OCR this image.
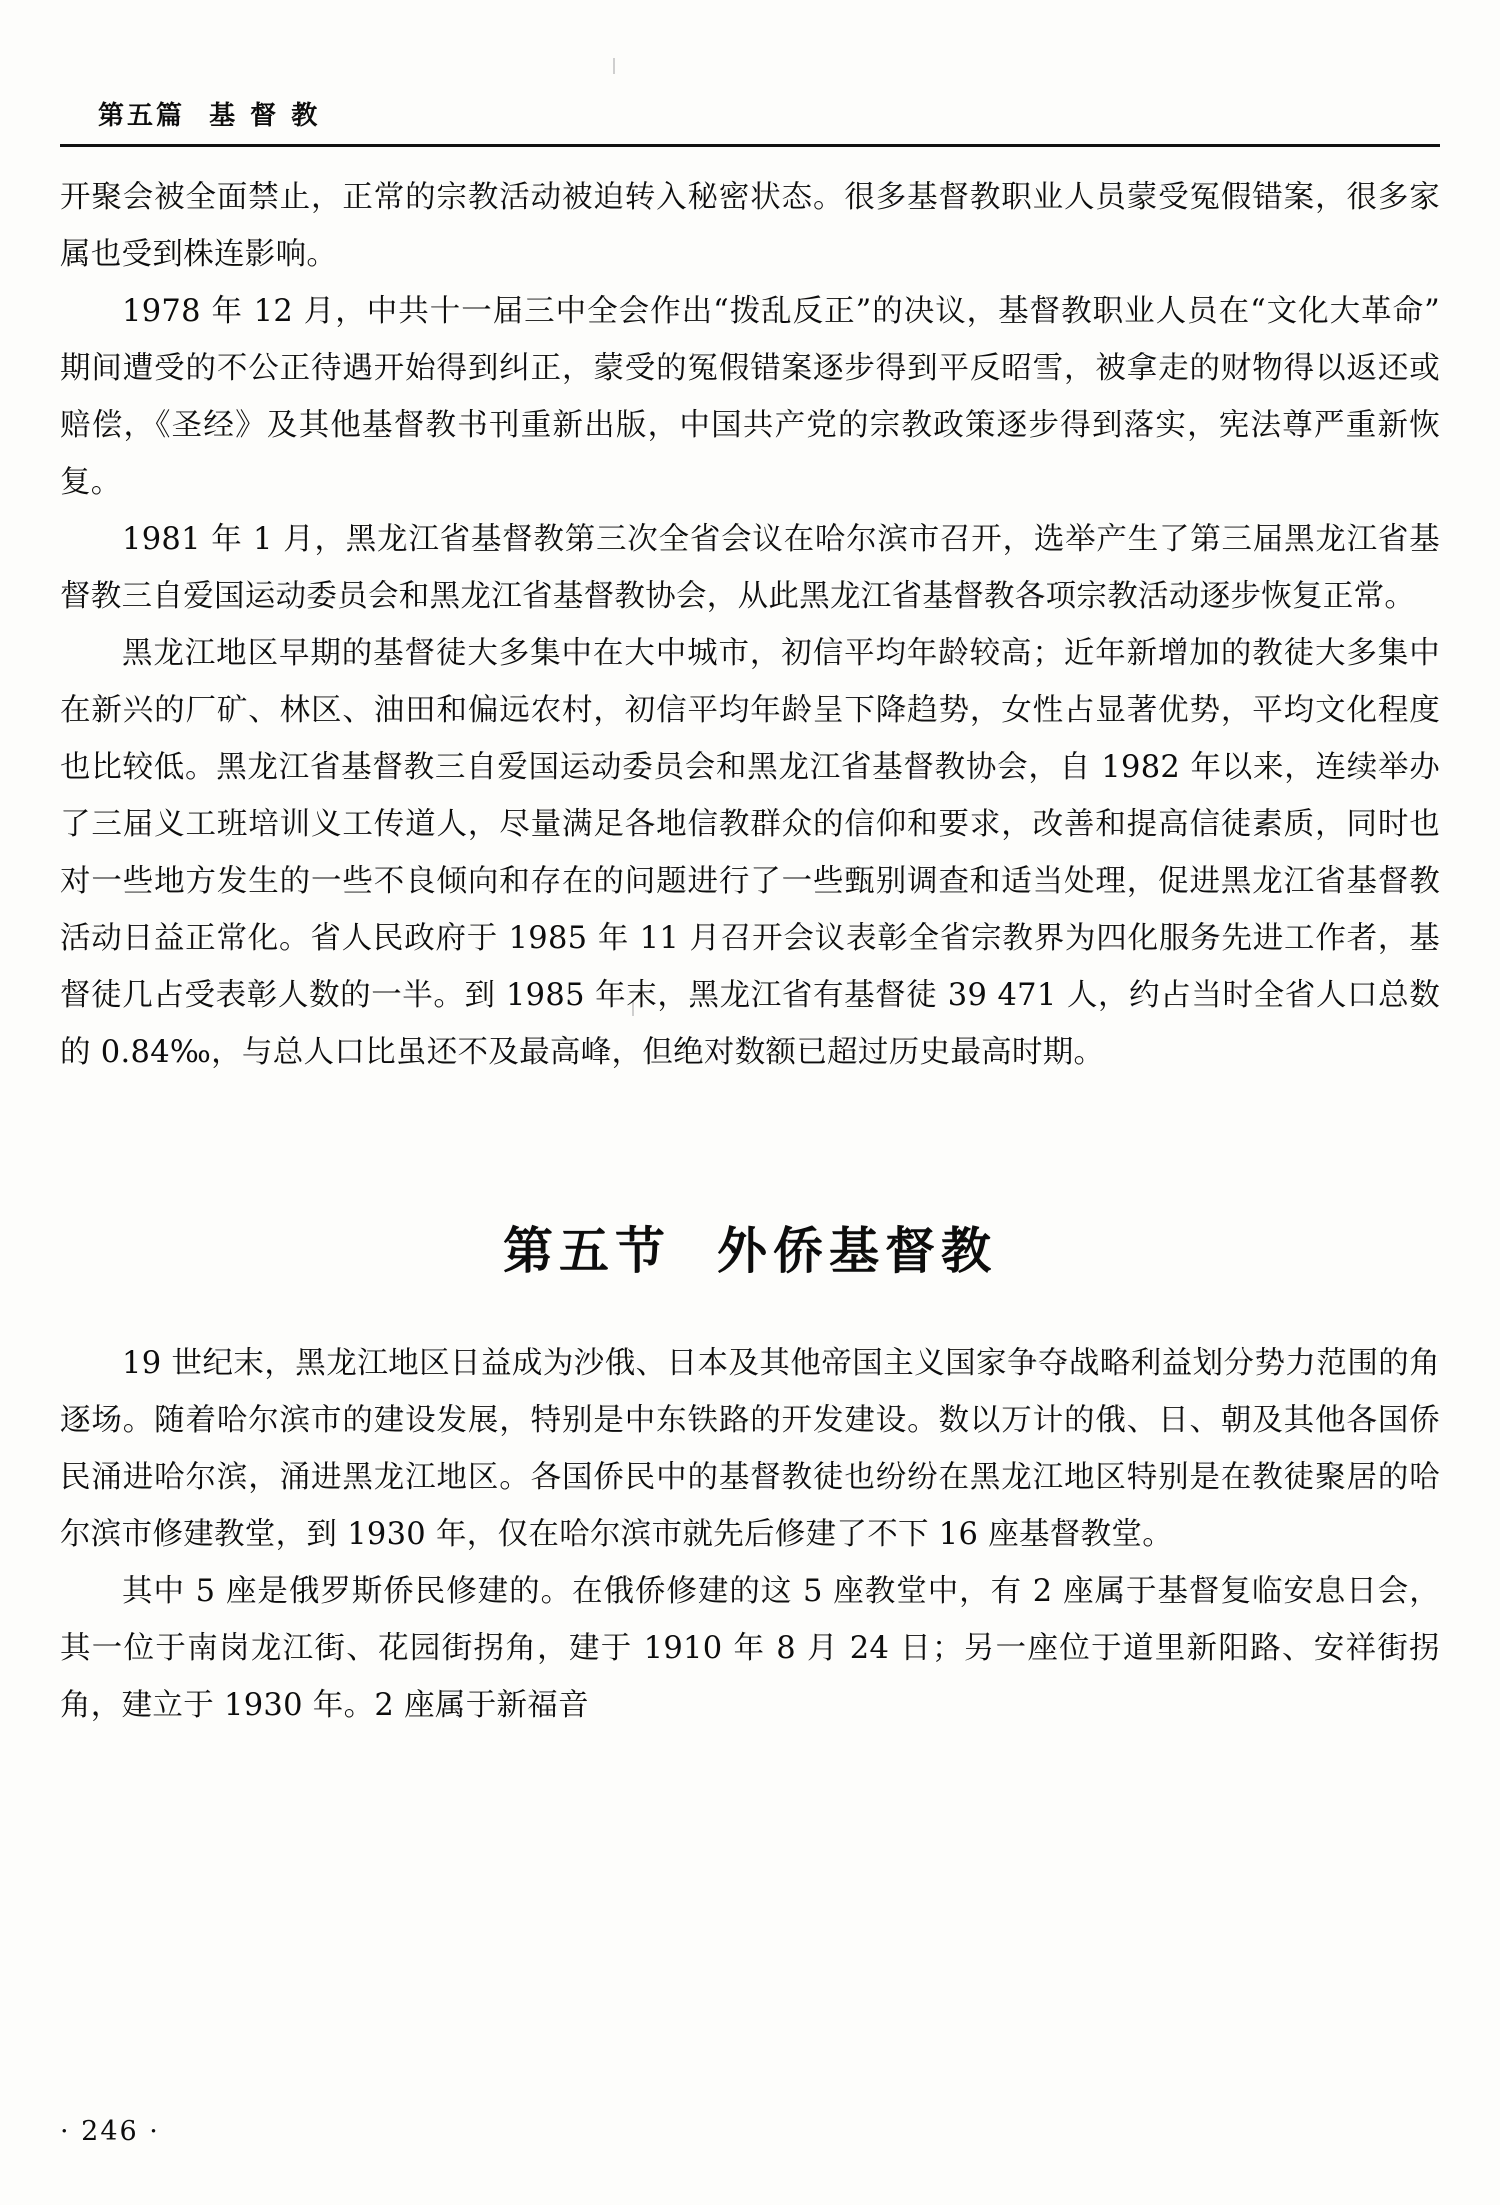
第五篇
基 督 教

开聚会被全面禁止，正常的宗教活动被迫转入秘密状态。很多基督教职业人员蒙受冤假错案，很多家属也受到株连影响。

1978 年 12 月，中共十一届三中全会作出“拨乱反正”的决议，基督教职业人员在“文化大革命”期间遭受的不公正待遇开始得到纠正，蒙受的冤假错案逐步得到平反昭雪，被拿走的财物得以返还或赔偿，《圣经》及其他基督教书刊重新出版，中国共产党的宗教政策逐步得到落实，宪法尊严重新恢复。

1981 年 1 月，黑龙江省基督教第三次全省会议在哈尔滨市召开，选举产生了第三届黑龙江省基督教三自爱国运动委员会和黑龙江省基督教协会，从此黑龙江省基督教各项宗教活动逐步恢复正常。

黑龙江地区早期的基督徒大多集中在大中城市，初信平均年龄较高；近年新增加的教徒大多集中在新兴的厂矿、林区、油田和偏远农村，初信平均年龄呈下降趋势，女性占显著优势，平均文化程度也比较低。黑龙江省基督教三自爱国运动委员会和黑龙江省基督教协会，自 1982 年以来，连续举办了三届义工班培训义工传道人，尽量满足各地信教群众的信仰和要求，改善和提高信徒素质，同时也对一些地方发生的一些不良倾向和存在的问题进行了一些甄别调查和适当处理，促进黑龙江省基督教活动日益正常化。省人民政府于 1985 年 11 月召开会议表彰全省宗教界为四化服务先进工作者，基督徒几占受表彰人数的一半。到 1985 年末，黑龙江省有基督徒 39 471 人，约占当时全省人口总数的 0.84‰，与总人口比虽还不及最高峰，但绝对数额已超过历史最高时期。

第五节 外侨基督教

19 世纪末，黑龙江地区日益成为沙俄、日本及其他帝国主义国家争夺战略利益划分势力范围的角逐场。随着哈尔滨市的建设发展，特别是中东铁路的开发建设。数以万计的俄、日、朝及其他各国侨民涌进哈尔滨，涌进黑龙江地区。各国侨民中的基督教徒也纷纷在黑龙江地区特别是在教徒聚居的哈尔滨市修建教堂，到 1930 年，仅在哈尔滨市就先后修建了不下 16 座基督教堂。

其中 5 座是俄罗斯侨民修建的。在俄侨修建的这 5 座教堂中，有 2 座属于基督复临安息日会，其一位于南岗龙江街、花园街拐角，建于 1910 年 8 月 24 日；另一座位于道里新阳路、安祥街拐角，建立于 1930 年。2 座属于新福音

· 246 ·
